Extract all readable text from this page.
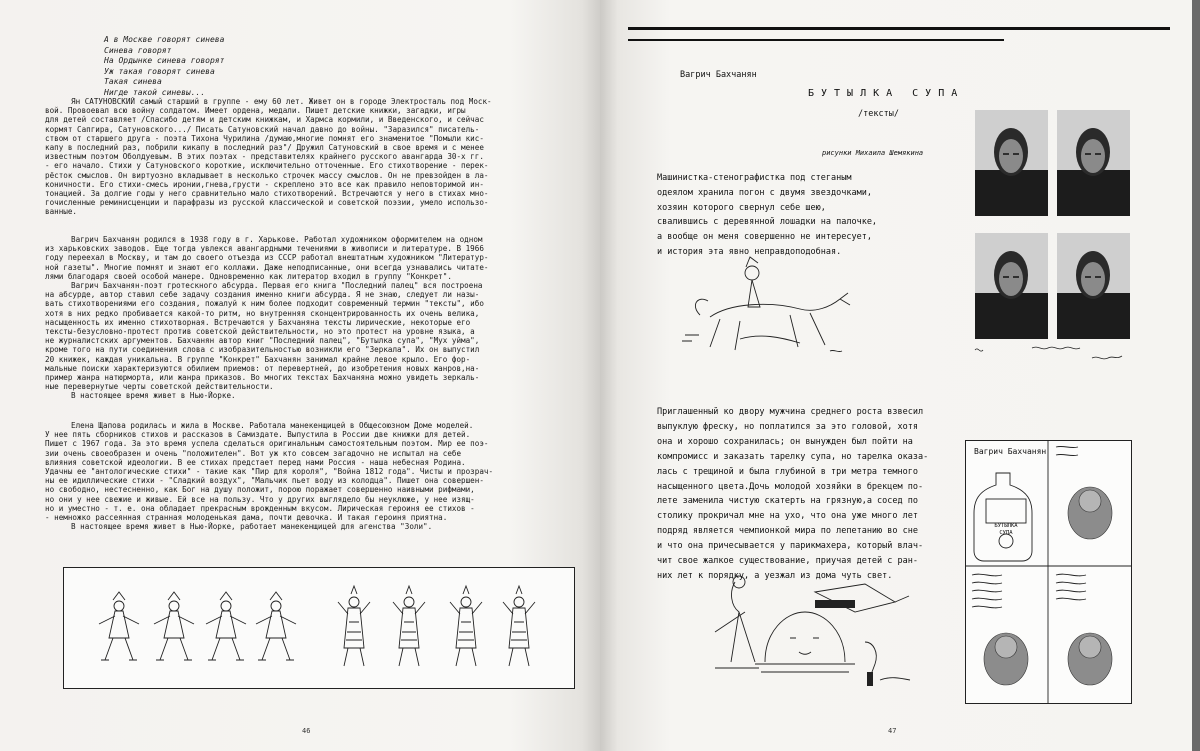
А в Москве говорят синева
Синева говорят
На Ордынке синева говорят
Уж такая говорят синева
Такая синева
Нигде такой синевы...
Ян САТУНОВСКИЙ самый старший в группе - ему 60 лет. Живет он в городе Электросталь под Моск-
вой. Провоевал всю войну солдатом. Имеет ордена, медали. Пишет детские книжки, загадки, игры
для детей составляет /Спасибо детям и детским книжкам, и Хармса кормили, и Введенского, и сейчас
кормят Сапгира, Сатуновского.../ Писать Сатуновский начал давно до войны. "Заразился" писатель-
ством от старшего друга - поэта Тихона Чурилина /думаю,многие помнят его знаменитое "Помыли кис-
капу в последний раз, побрили кикапу в последний раз"/ Дружил Сатуновский в свое время и с менее
известным поэтом Оболдуевым. В этих поэтах - представителях крайнего русского авангарда 30-х гг.
- его начало. Стихи у Сатуновского короткие, исключительно отточенные. Его стихотворение - перек-
рёсток смыслов. Он виртуозно вкладывает в несколько строчек массу смыслов. Он не превзойден в ла-
коничности. Его стихи-смесь иронии,гнева,грусти - скреплено это все как правило неповторимой ин-
тонацией. За долгие годы у него сравнительно мало стихотворений. Встречаются у него в стихах мно-
гочисленные реминисценции и парафразы из русской классической и советской поэзии, умело использо-
ванные.
Вагрич Бахчанян родился в 1938 году в г. Харькове. Работал художником оформителем на одном
из харьковских заводов. Еще тогда увлекся авангардными течениями в живописи и литературе. В 1966
году переехал в Москву, и там до своего отъезда из СССР работал внештатным художником "Литератур-
ной газеты". Многие помнят и знают его коллажи. Даже неподписанные, они всегда узнавались читате-
лями благодаря своей особой манере. Одновременно как литератор входил в группу "Конкрет".
Вагрич Бахчанян-поэт гротескного абсурда. Первая его книга "Последний палец" вся построена
на абсурде, автор ставил себе задачу создания именно книги абсурда. Я не знаю, следует ли назы-
вать стихотворениями его создания, пожалуй к ним более подходит современный термин "тексты", ибо
хотя в них редко пробивается какой-то ритм, но внутренняя сконцентрированность их очень велика,
насыщенность их именно стихотворная. Встречаются у Бахчаняна тексты лирические, некоторые его
тексты-безусловно-протест против советской действительности, но это протест на уровне языка, а
не журналистских аргументов. Бахчанян автор книг "Последний палец", "Бутылка супа", "Мух уйма",
кроме того на пути соединения слова с изобразительностью возникли его "Зеркала". Их он выпустил
20 книжек, каждая уникальна. В группе "Конкрет" Бахчанян занимал крайне левое крыло. Его фор-
мальные поиски характеризуются обилием приемов: от перевертней, до изобретения новых жанров,на-
пример жанра натюрморта, или жанра приказов. Во многих текстах Бахчаняна можно увидеть зеркаль-
ные перевернутые черты советской действительности.
В настоящее время живет в Нью-Йорке.
Елена Щапова родилась и жила в Москве. Работала манекенщицей в Общесоюзном Доме моделей.
У нее пять сборников стихов и рассказов в Самиздате. Выпустила в России две книжки для детей.
Пишет с 1967 года. За это время успела сделаться оригинальным самостоятельным поэтом. Мир ее поэ-
зии очень своеобразен и очень "положителен". Вот уж кто совсем загадочно не испытал на себе
влияния советской идеологии. В ее стихах предстает перед нами Россия - наша небесная Родина.
Удачны ее "антологические стихи" - такие как "Пир для короля", "Война 1812 года". Чисты и прозрач-
ны ее идиллические стихи - "Сладкий воздух", "Мальчик пьет воду из колодца". Пишет она совершен-
но свободно, нестесненно, как Бог на душу положит, порою поражает совершенно наивными рифмами,
но они у нее свежие и живые. Ей все на пользу. Что у других выглядело бы неуклюже, у нее изящ-
но и уместно - т. е. она обладает прекрасным врожденным вкусом. Лирическая героиня ее стихов -
- немножко рассеянная странная молоденькая дама, почти девочка. И такая героиня приятна.
В настоящее время живет в Нью-Йорке, работает манекенщицей для агенства "Золи".
46
Вагрич Бахчанян
БУТЫЛКА СУПА
/тексты/
рисунки Михаила Шемякина
Машинистка-стенографистка под стеганым
одеялом хранила погон с двумя звездочками,
хозяин которого свернул себе шею,
свалившись с деревянной лошадки на палочке,
а вообще он меня совершенно не интересует,
и история эта явно неправдоподобная.
Приглашенный ко двору мужчина среднего роста взвесил
выпуклую фреску, но поплатился за это головой, хотя
она и хорошо сохранилась; он вынужден был пойти на
компромисс и заказать тарелку супа, но тарелка оказа-
лась с трещиной и была глубиной в три метра темного
насыщенного цвета.Дочь молодой хозяйки в брекцем по-
лете заменила чистую скатерть на грязную,а сосед по
столику прокричал мне на ухо, что она уже много лет
подряд является чемпионкой мира по лепетанию во сне
и что она причесывается у парикмахера, который влач-
чит свое жалкое существование, приучая детей с ран-
них лет к порядку, а уезжал из дома чуть свет.
Вагрич Бахчанян
БУТЫЛКА СУПА
47
